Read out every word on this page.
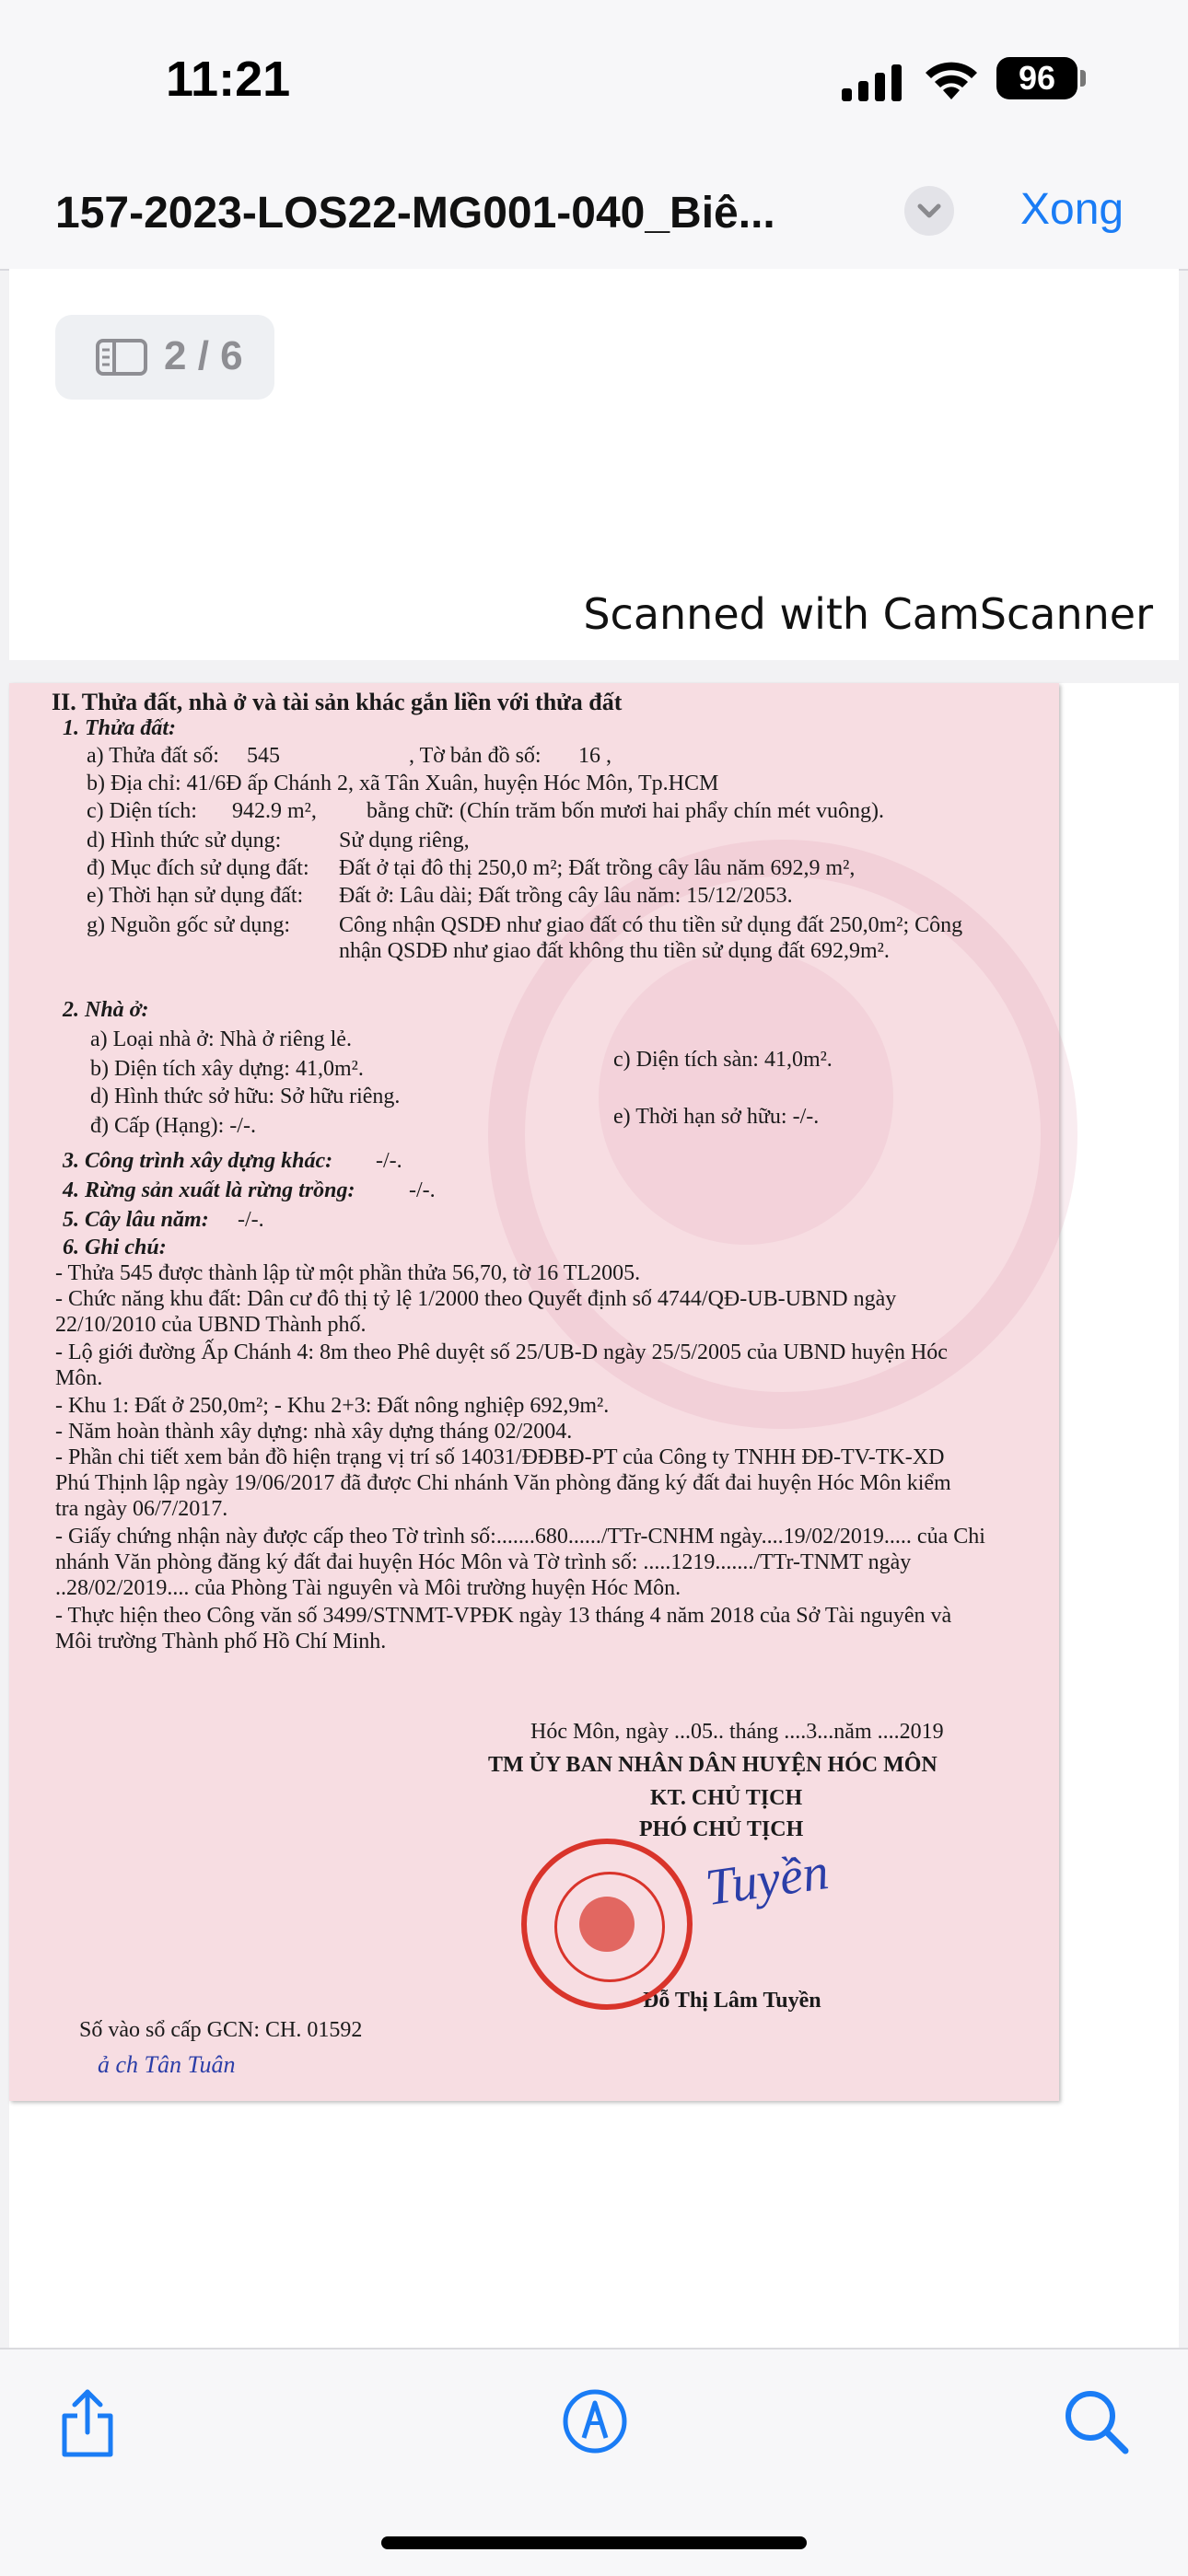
11:21	96
157-2023-LOS22-MG001-040_Biê...	Xong
2 / 6
Scanned with CamScanner
II. Thửa đất, nhà ở và tài sản khác gắn liền với thửa đất
1. Thửa đất:
a) Thửa đất số: 545	, Tờ bản đồ số: 16 ,
b) Địa chỉ: 41/6Đ ấp Chánh 2, xã Tân Xuân, huyện Hóc Môn, Tp.HCM
c) Diện tích: 942.9 m², bằng chữ: (Chín trăm bốn mươi hai phẩy chín mét vuông).
d) Hình thức sử dụng:	Sử dụng riêng,
đ) Mục đích sử dụng đất: Đất ở tại đô thị 250,0 m²; Đất trồng cây lâu năm 692,9 m²,
e) Thời hạn sử dụng đất: Đất ở: Lâu dài; Đất trồng cây lâu năm: 15/12/2053.
g) Nguồn gốc sử dụng: Công nhận QSDĐ như giao đất có thu tiền sử dụng đất 250,0m²; Công
nhận QSDĐ như giao đất không thu tiền sử dụng đất 692,9m².
2. Nhà ở:
a) Loại nhà ở: Nhà ở riêng lẻ.
b) Diện tích xây dựng: 41,0m².	c) Diện tích sàn: 41,0m².
d) Hình thức sở hữu: Sở hữu riêng.
đ) Cấp (Hạng): -/-.	e) Thời hạn sở hữu: -/-.
3. Công trình xây dựng khác: -/-.
4. Rừng sản xuất là rừng trồng: -/-.
5. Cây lâu năm: -/-.
6. Ghi chú:
- Thửa 545 được thành lập từ một phần thửa 56,70, tờ 16 TL2005.
- Chức năng khu đất: Dân cư đô thị tỷ lệ 1/2000 theo Quyết định số 4744/QĐ-UB-UBND ngày
22/10/2010 của UBND Thành phố.
- Lộ giới đường Ấp Chánh 4: 8m theo Phê duyệt số 25/UB-D ngày 25/5/2005 của UBND huyện Hóc
Môn.
- Khu 1: Đất ở 250,0m²; - Khu 2+3: Đất nông nghiệp 692,9m².
- Năm hoàn thành xây dựng: nhà xây dựng tháng 02/2004.
- Phần chi tiết xem bản đồ hiện trạng vị trí số 14031/ĐĐBĐ-PT của Công ty TNHH ĐĐ-TV-TK-XD
Phú Thịnh lập ngày 19/06/2017 đã được Chi nhánh Văn phòng đăng ký đất đai huyện Hóc Môn kiểm
tra ngày 06/7/2017.
- Giấy chứng nhận này được cấp theo Tờ trình số:.......680....../TTr-CNHM ngày....19/02/2019..... của Chi
nhánh Văn phòng đăng ký đất đai huyện Hóc Môn và Tờ trình số: .....1219......./TTr-TNMT ngày
..28/02/2019.... của Phòng Tài nguyên và Môi trường huyện Hóc Môn.
- Thực hiện theo Công văn số 3499/STNMT-VPĐK ngày 13 tháng 4 năm 2018 của Sở Tài nguyên và
Môi trường Thành phố Hồ Chí Minh.
Hóc Môn, ngày ...05.. tháng ....3...năm ....2019
TM ỦY BAN NHÂN DÂN HUYỆN HÓC MÔN
KT. CHỦ TỊCH
PHÓ CHỦ TỊCH
Tuyền
Đỗ Thị Lâm Tuyền
Số vào sổ cấp GCN: CH. 01592
ả ch Tân Tuân
